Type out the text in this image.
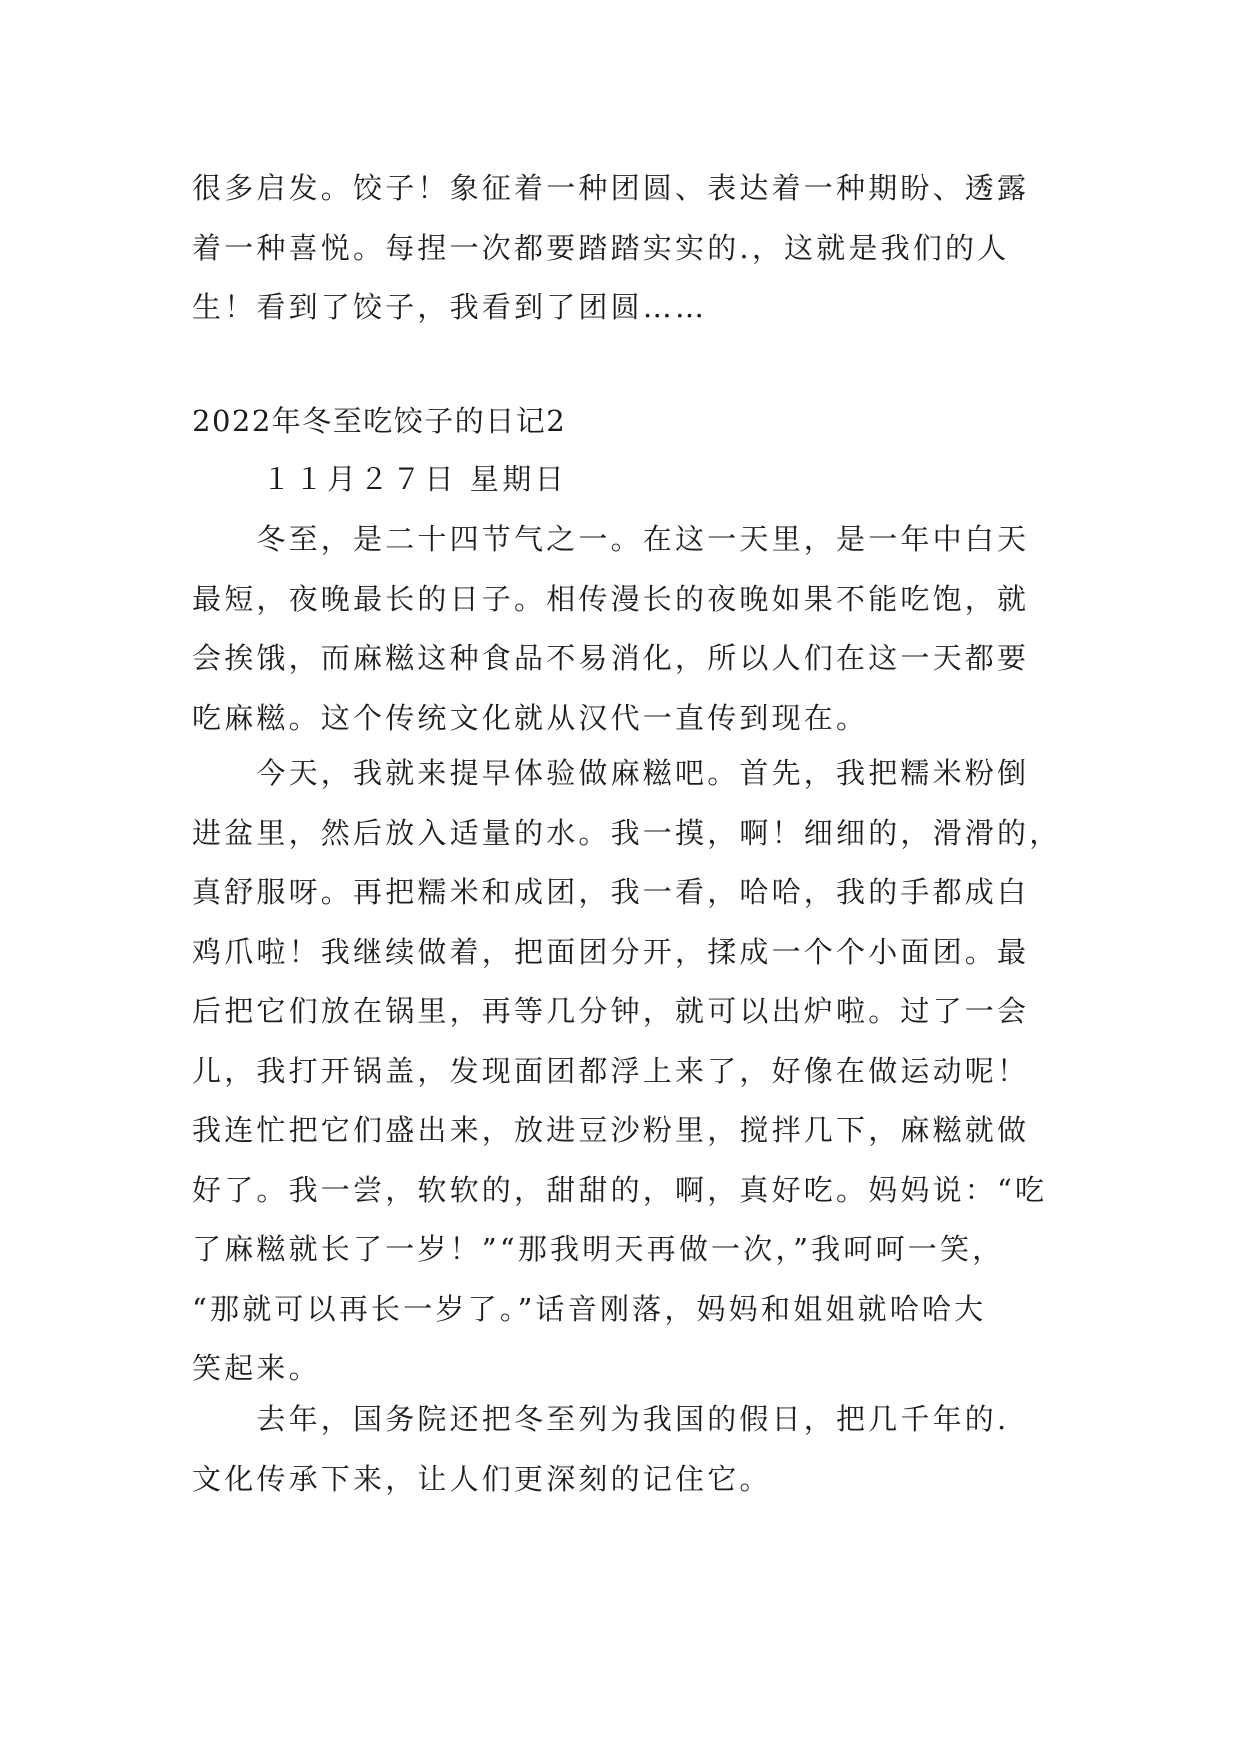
很多启发。饺子！象征着一种团圆、表达着一种期盼、透露
着一种喜悦。每捏一次都要踏踏实实的.，这就是我们的人
生！看到了饺子，我看到了团圆……
2022年冬至吃饺子的日记2

１１月２７日 星期日

　　冬至，是二十四节气之一。在这一天里，是一年中白天
最短，夜晚最长的日子。相传漫长的夜晚如果不能吃饱，就
会挨饿，而麻糍这种食品不易消化，所以人们在这一天都要
吃麻糍。这个传统文化就从汉代一直传到现在。
　　今天，我就来提早体验做麻糍吧。首先，我把糯米粉倒
进盆里，然后放入适量的水。我一摸，啊！细细的，滑滑的，
真舒服呀。再把糯米和成团，我一看，哈哈，我的手都成白
鸡爪啦！我继续做着，把面团分开，揉成一个个小面团。最
后把它们放在锅里，再等几分钟，就可以出炉啦。过了一会
儿，我打开锅盖，发现面团都浮上来了，好像在做运动呢！
我连忙把它们盛出来，放进豆沙粉里，搅拌几下，麻糍就做
好了。我一尝，软软的，甜甜的，啊，真好吃。妈妈说：“吃
了麻糍就长了一岁！”“那我明天再做一次，”我呵呵一笑，
“那就可以再长一岁了。”话音刚落，妈妈和姐姐就哈哈大
笑起来。
　　去年，国务院还把冬至列为我国的假日，把几千年的.
文化传承下来，让人们更深刻的记住它。
